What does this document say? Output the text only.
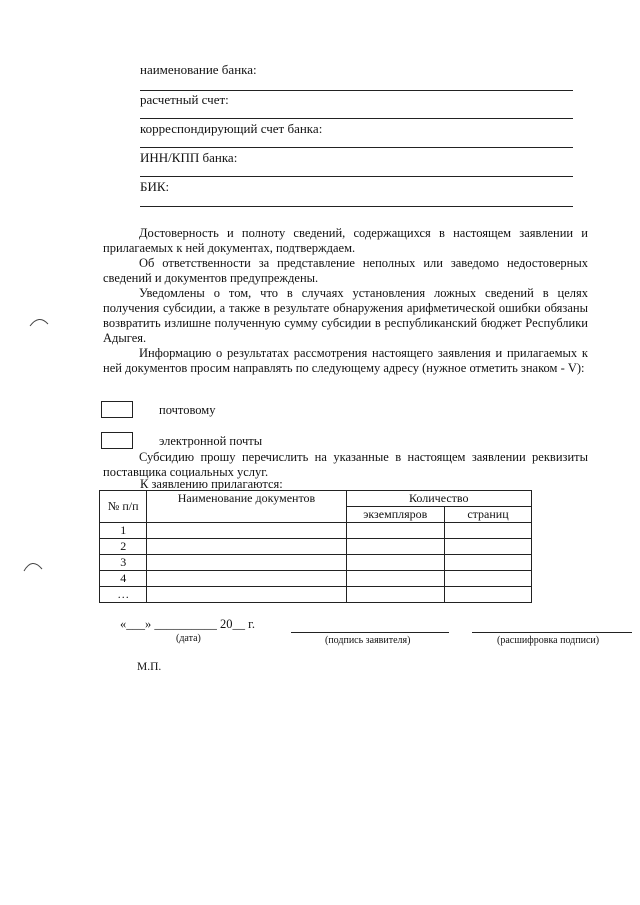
наименование банка:
расчетный счет:
корреспондирующий счет банка:
ИНН/КПП банка:
БИК:

Достоверность и полноту сведений, содержащихся в настоящем заявлении и прилагаемых к ней документах, подтверждаем.

Об ответственности за представление неполных или заведомо недостоверных сведений и документов предупреждены.

Уведомлены о том, что в случаях установления ложных сведений в целях получения субсидии, а также в результате обнаружения арифметической ошибки обязаны возвратить излишне полученную сумму субсидии в республиканский бюджет Республики Адыгея.

Информацию о результатах рассмотрения настоящего заявления и прилагаемых к ней документов просим направлять по следующему адресу (нужное отметить знаком - V):

почтовому
электронной почты

Субсидию прошу перечислить на указанные в настоящем заявлении реквизиты поставщика социальных услуг.

К заявлению прилагаются:
№ п/п	Наименование документов	Количество	
		экземпляров	страниц
1			
2			
3			
4			
…			
«___» __________ 20__ г.
(дата)	(подпись заявителя)	(расшифровка подписи)
М.П.
